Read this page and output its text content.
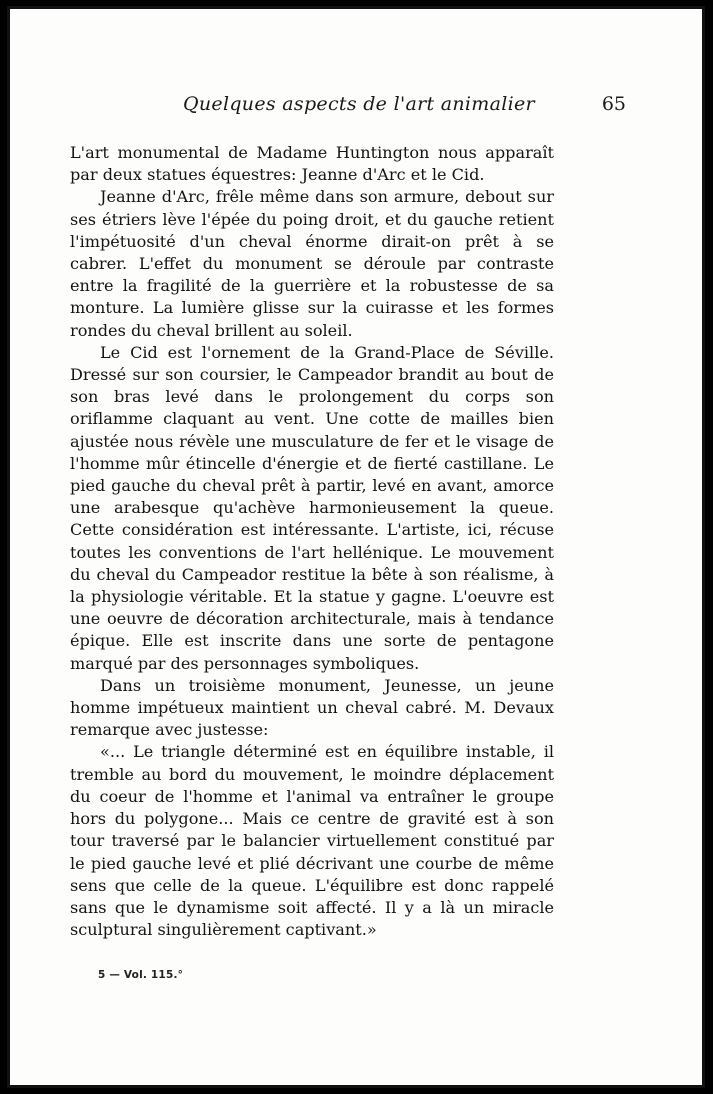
Quelques aspects de l'art animalier	65

L'art monumental de Madame Huntington nous apparaît par deux statues équestres: Jeanne d'Arc et le Cid.

Jeanne d'Arc, frêle même dans son armure, debout sur ses étriers lève l'épée du poing droit, et du gauche retient l'impétuosité d'un cheval énorme dirait-on prêt à se cabrer. L'effet du monument se déroule par contraste entre la fragilité de la guerrière et la robustesse de sa monture. La lumière glisse sur la cuirasse et les formes rondes du cheval brillent au soleil.

Le Cid est l'ornement de la Grand-Place de Séville. Dressé sur son coursier, le Campeador brandit au bout de son bras levé dans le prolongement du corps son oriflamme claquant au vent. Une cotte de mailles bien ajustée nous révèle une musculature de fer et le visage de l'homme mûr étincelle d'énergie et de fierté castillane. Le pied gauche du cheval prêt à partir, levé en avant, amorce une arabesque qu'achève harmonieusement la queue. Cette considération est intéressante. L'artiste, ici, récuse toutes les conventions de l'art hellénique. Le mouvement du cheval du Campeador restitue la bête à son réalisme, à la physiologie véritable. Et la statue y gagne. L'oeuvre est une oeuvre de décoration architecturale, mais à tendance épique. Elle est inscrite dans une sorte de pentagone marqué par des personnages symboliques.

Dans un troisième monument, Jeunesse, un jeune homme impétueux maintient un cheval cabré. M. Devaux remarque avec justesse:

«... Le triangle déterminé est en équilibre instable, il tremble au bord du mouvement, le moindre déplacement du coeur de l'homme et l'animal va entraîner le groupe hors du polygone... Mais ce centre de gravité est à son tour traversé par le balancier virtuellement constitué par le pied gauche levé et plié décrivant une courbe de même sens que celle de la queue. L'équilibre est donc rappelé sans que le dynamisme soit affecté. Il y a là un miracle sculptural singulièrement captivant.»

5 — Vol. 115.°
